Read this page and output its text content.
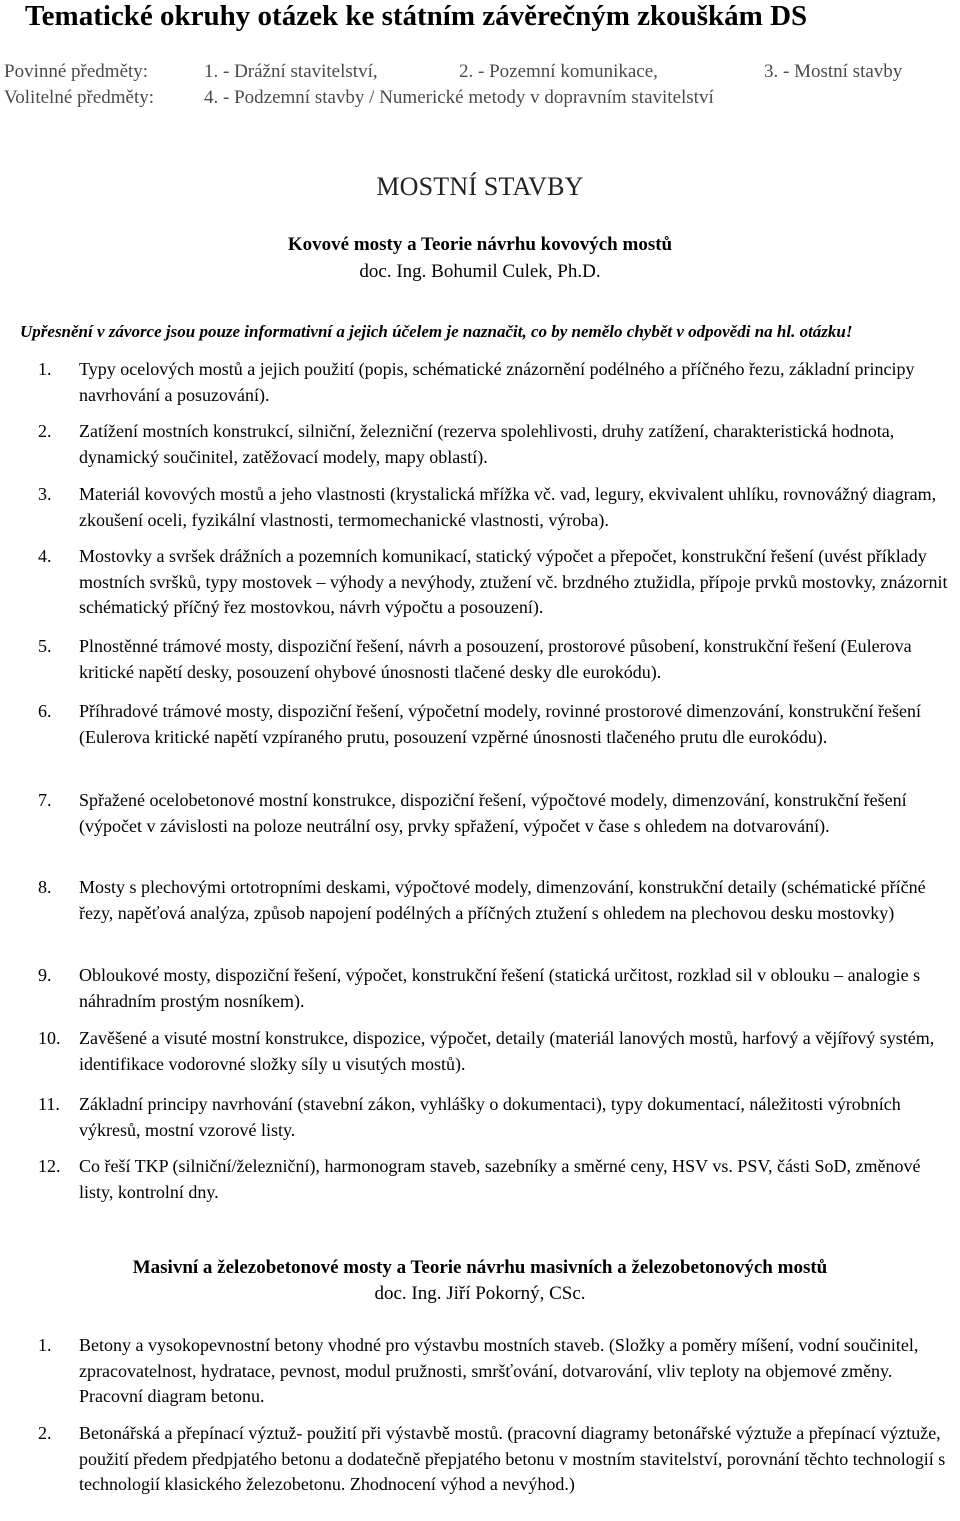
Tematické okruhy otázek ke státním závěrečným zkouškám DS
Povinné předměty:	1. - Drážní stavitelství,	2. - Pozemní komunikace,	3. - Mostní stavby
Volitelné předměty:	4. - Podzemní stavby / Numerické metody v dopravním stavitelství
MOSTNÍ STAVBY
Kovové mosty a Teorie návrhu kovových mostů
doc. Ing. Bohumil Culek, Ph.D.
Upřesnění v závorce jsou pouze informativní a jejich účelem je naznačit, co by nemělo chybět v odpovědi na hl. otázku!
1. Typy ocelových mostů a jejich použití (popis, schématické znázornění podélného a příčného řezu, základní principy navrhování a posuzování).
2. Zatížení mostních konstrukcí, silniční, železniční (rezerva spolehlivosti, druhy zatížení, charakteristická hodnota, dynamický součinitel, zatěžovací modely, mapy oblastí).
3. Materiál kovových mostů a jeho vlastnosti (krystalická mřížka vč. vad, legury, ekvivalent uhlíku, rovnovážný diagram, zkoušení oceli, fyzikální vlastnosti, termomechanické vlastnosti, výroba).
4. Mostovky a svršek drážních a pozemních komunikací, statický výpočet a přepočet, konstrukční řešení (uvést příklady mostních svršků, typy mostovek – výhody a nevýhody, ztužení vč. brzdného ztužidla, přípoje prvků mostovky, znázornit schématický příčný řez mostovkou, návrh výpočtu a posouzení).
5. Plnostěnné trámové mosty, dispoziční řešení, návrh a posouzení, prostorové působení, konstrukční řešení (Eulerova kritické napětí desky, posouzení ohybové únosnosti tlačené desky dle eurokódu).
6. Příhradové trámové mosty, dispoziční řešení, výpočetní modely, rovinné prostorové dimenzování, konstrukční řešení (Eulerova kritické napětí vzpíraného prutu, posouzení vzpěrné únosnosti tlačeného prutu dle eurokódu).
7. Spřažené ocelobetonové mostní konstrukce, dispoziční řešení, výpočtové modely, dimenzování, konstrukční řešení (výpočet v závislosti na poloze neutrální osy, prvky spřažení, výpočet v čase s ohledem na dotvarování).
8. Mosty s plechovými ortotropními deskami, výpočtové modely, dimenzování, konstrukční detaily (schématické příčné řezy, napěťová analýza, způsob napojení podélných a příčných ztužení s ohledem na plechovou desku mostovky)
9. Obloukové mosty, dispoziční řešení, výpočet, konstrukční řešení (statická určitost, rozklad sil v oblouku – analogie s náhradním prostým nosníkem).
10. Zavěšené a visuté mostní konstrukce, dispozice, výpočet, detaily (materiál lanových mostů, harfový a vějířový systém, identifikace vodorovné složky síly u visutých mostů).
11. Základní principy navrhování (stavební zákon, vyhlášky o dokumentaci), typy dokumentací, náležitosti výrobních výkresů, mostní vzorové listy.
12. Co řeší TKP (silniční/železniční), harmonogram staveb, sazebníky a směrné ceny, HSV vs. PSV, části SoD, změnové listy, kontrolní dny.
Masivní a železobetonové mosty a Teorie návrhu masivních a železobetonových mostů
doc. Ing. Jiří Pokorný, CSc.
1. Betony a vysokopevnostní betony vhodné pro výstavbu mostních staveb. (Složky a poměry míšení, vodní součinitel, zpracovatelnost, hydratace, pevnost, modul pružnosti, smršťování, dotvarování, vliv teploty na objemové změny. Pracovní diagram betonu.
2. Betonářská a přepínací výztuž- použití při výstavbě mostů. (pracovní diagramy betonářské výztuže a přepínací výztuže, použití předem předpjatého betonu a dodatečně přepjatého betonu v mostním stavitelství, porovnání těchto technologií s technologií klasického železobetonu. Zhodnocení výhod a nevýhod.)
